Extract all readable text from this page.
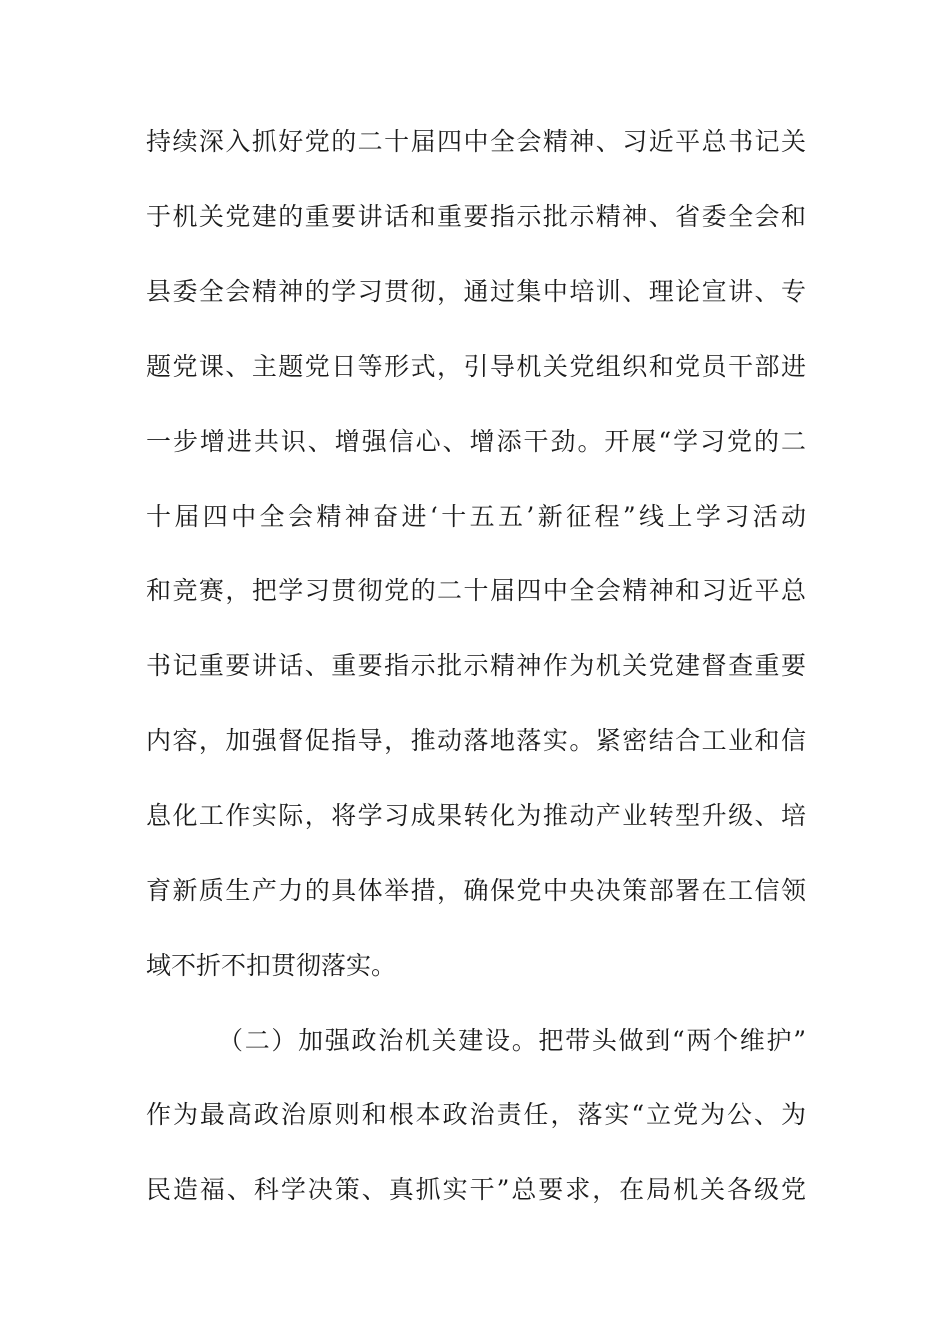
持续深入抓好党的二十届四中全会精神、习近平总书记关
于机关党建的重要讲话和重要指示批示精神、省委全会和
县委全会精神的学习贯彻，通过集中培训、理论宣讲、专
题党课、主题党日等形式，引导机关党组织和党员干部进
一步增进共识、增强信心、增添干劲。开展“学习党的二
十届四中全会精神奋进‘十五五’新征程”线上学习活动
和竞赛，把学习贯彻党的二十届四中全会精神和习近平总
书记重要讲话、重要指示批示精神作为机关党建督查重要
内容，加强督促指导，推动落地落实。紧密结合工业和信
息化工作实际，将学习成果转化为推动产业转型升级、培
育新质生产力的具体举措，确保党中央决策部署在工信领
域不折不扣贯彻落实。
（二）加强政治机关建设。把带头做到“两个维护”
作为最高政治原则和根本政治责任，落实“立党为公、为
民造福、科学决策、真抓实干”总要求，在局机关各级党
